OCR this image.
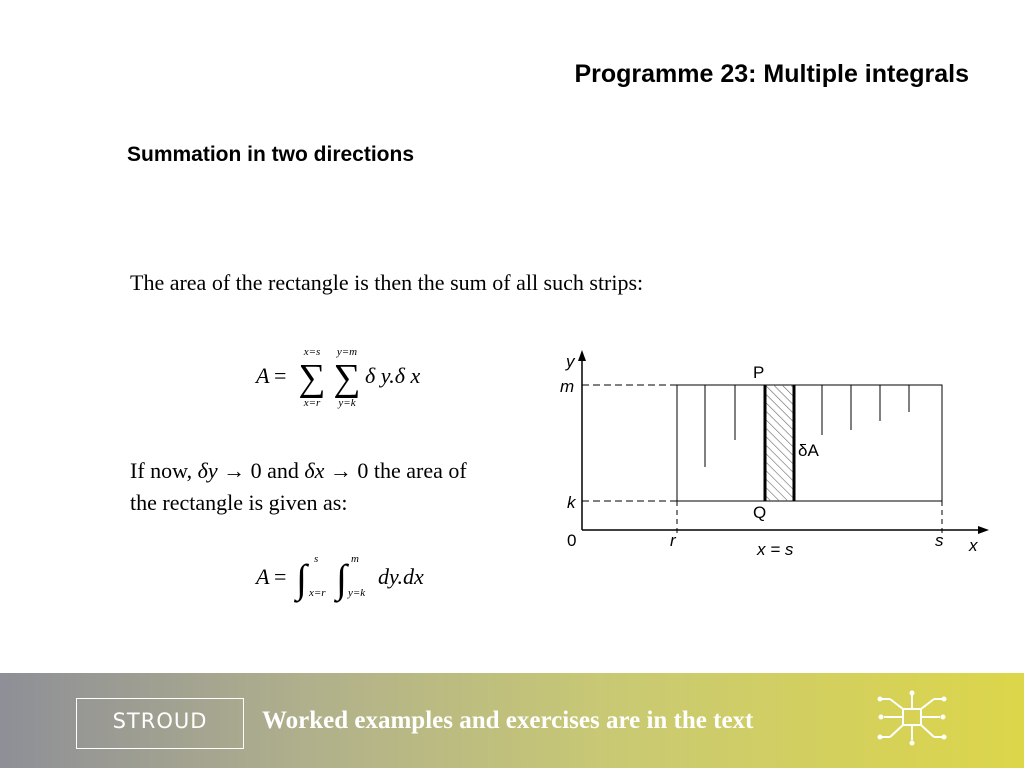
Programme 23: Multiple integrals
Summation in two directions
The area of the rectangle is then the sum of all such strips:
A =
x=s
∑
x=r
y=m
∑
y=k
δ y.δ x
If now, δy → 0 and δx → 0 the area of
the rectangle is given as:
A = ∫ s
x=r ∫ m
y=k
dy.dx
y
m
k
0	r	s x
P
Q
δA
x = s
STROUD	Worked examples and exercises are in the text
